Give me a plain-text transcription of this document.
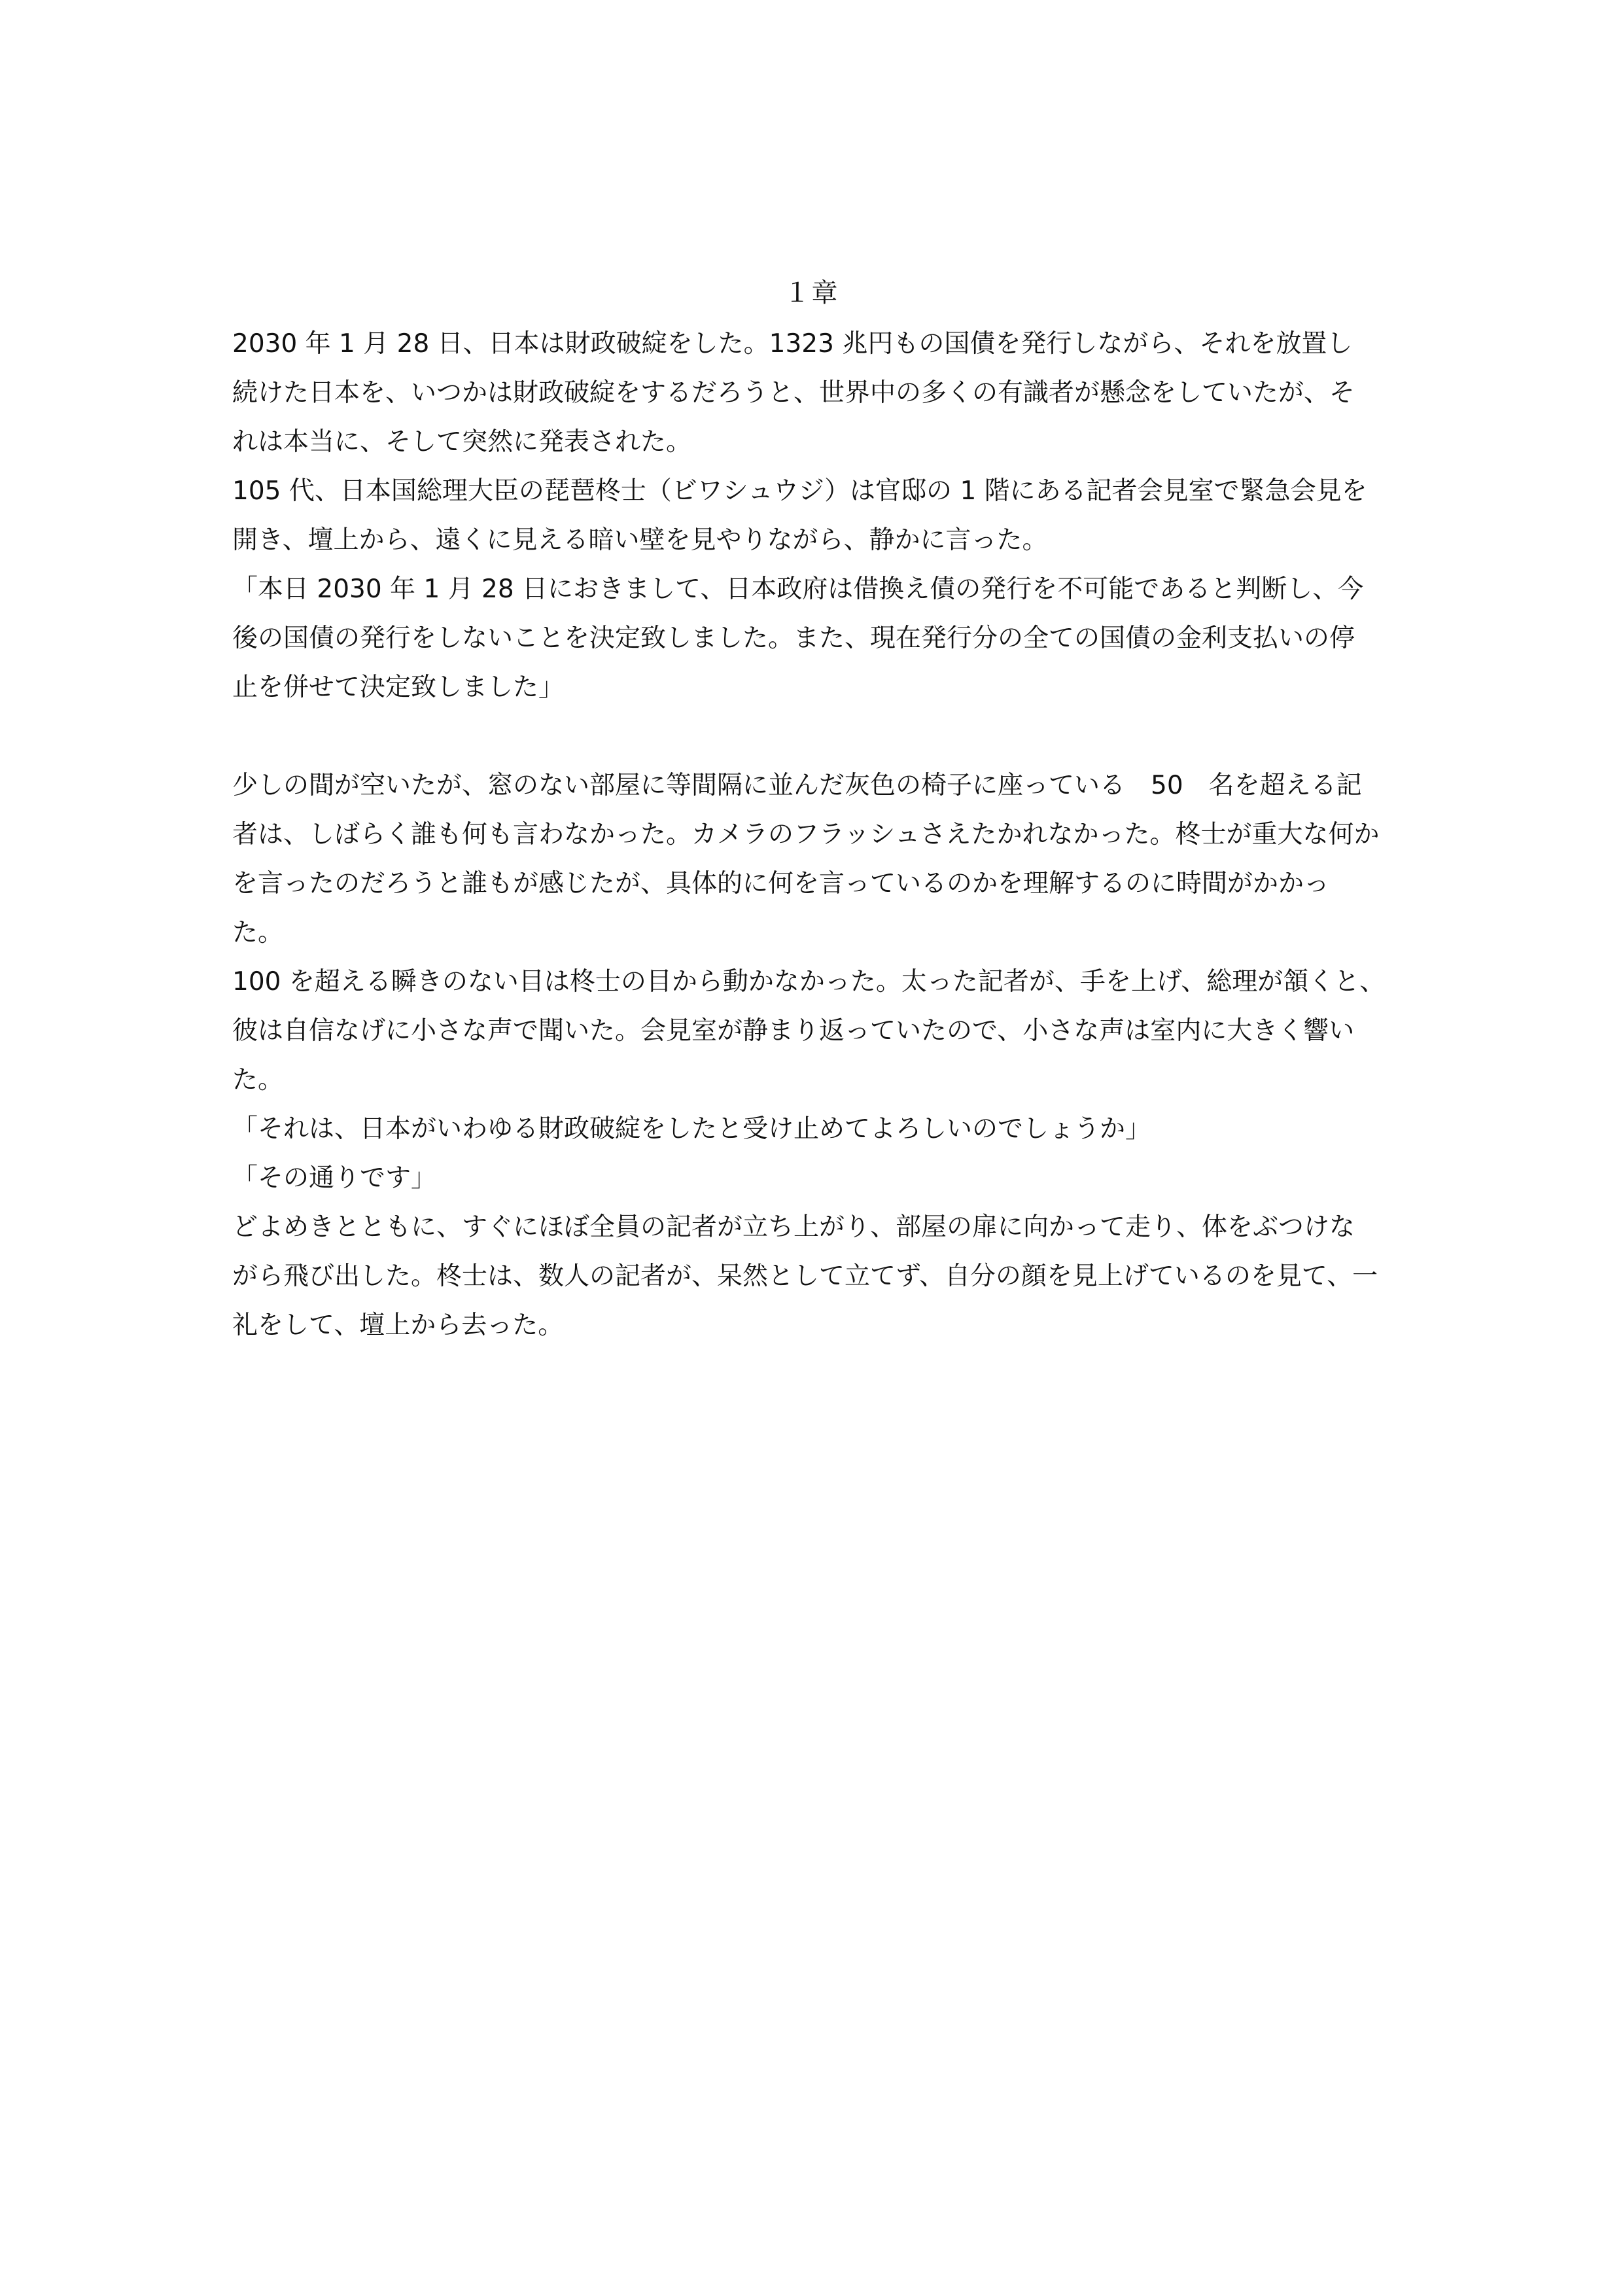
１章
2030 年 1 月 28 日、日本は財政破綻をした。1323 兆円もの国債を発行しながら、それを放置し
続けた日本を、いつかは財政破綻をするだろうと、世界中の多くの有識者が懸念をしていたが、そ
れは本当に、そして突然に発表された。
105 代、日本国総理大臣の琵琶柊士（ビワシュウジ）は官邸の 1 階にある記者会見室で緊急会見を
開き、壇上から、遠くに見える暗い壁を見やりながら、静かに言った。
「本日 2030 年 1 月 28 日におきまして、日本政府は借換え債の発行を不可能であると判断し、今
後の国債の発行をしないことを決定致しました。また、現在発行分の全ての国債の金利支払いの停
止を併せて決定致しました」
少しの間が空いたが、窓のない部屋に等間隔に並んだ灰色の椅子に座っている　50　名を超える記
者は、しばらく誰も何も言わなかった。カメラのフラッシュさえたかれなかった。柊士が重大な何か
を言ったのだろうと誰もが感じたが、具体的に何を言っているのかを理解するのに時間がかかっ
た。
100 を超える瞬きのない目は柊士の目から動かなかった。太った記者が、手を上げ、総理が頷くと、
彼は自信なげに小さな声で聞いた。会見室が静まり返っていたので、小さな声は室内に大きく響い
た。
「それは、日本がいわゆる財政破綻をしたと受け止めてよろしいのでしょうか」
「その通りです」
どよめきとともに、すぐにほぼ全員の記者が立ち上がり、部屋の扉に向かって走り、体をぶつけな
がら飛び出した。柊士は、数人の記者が、呆然として立てず、自分の顔を見上げているのを見て、一
礼をして、壇上から去った。
